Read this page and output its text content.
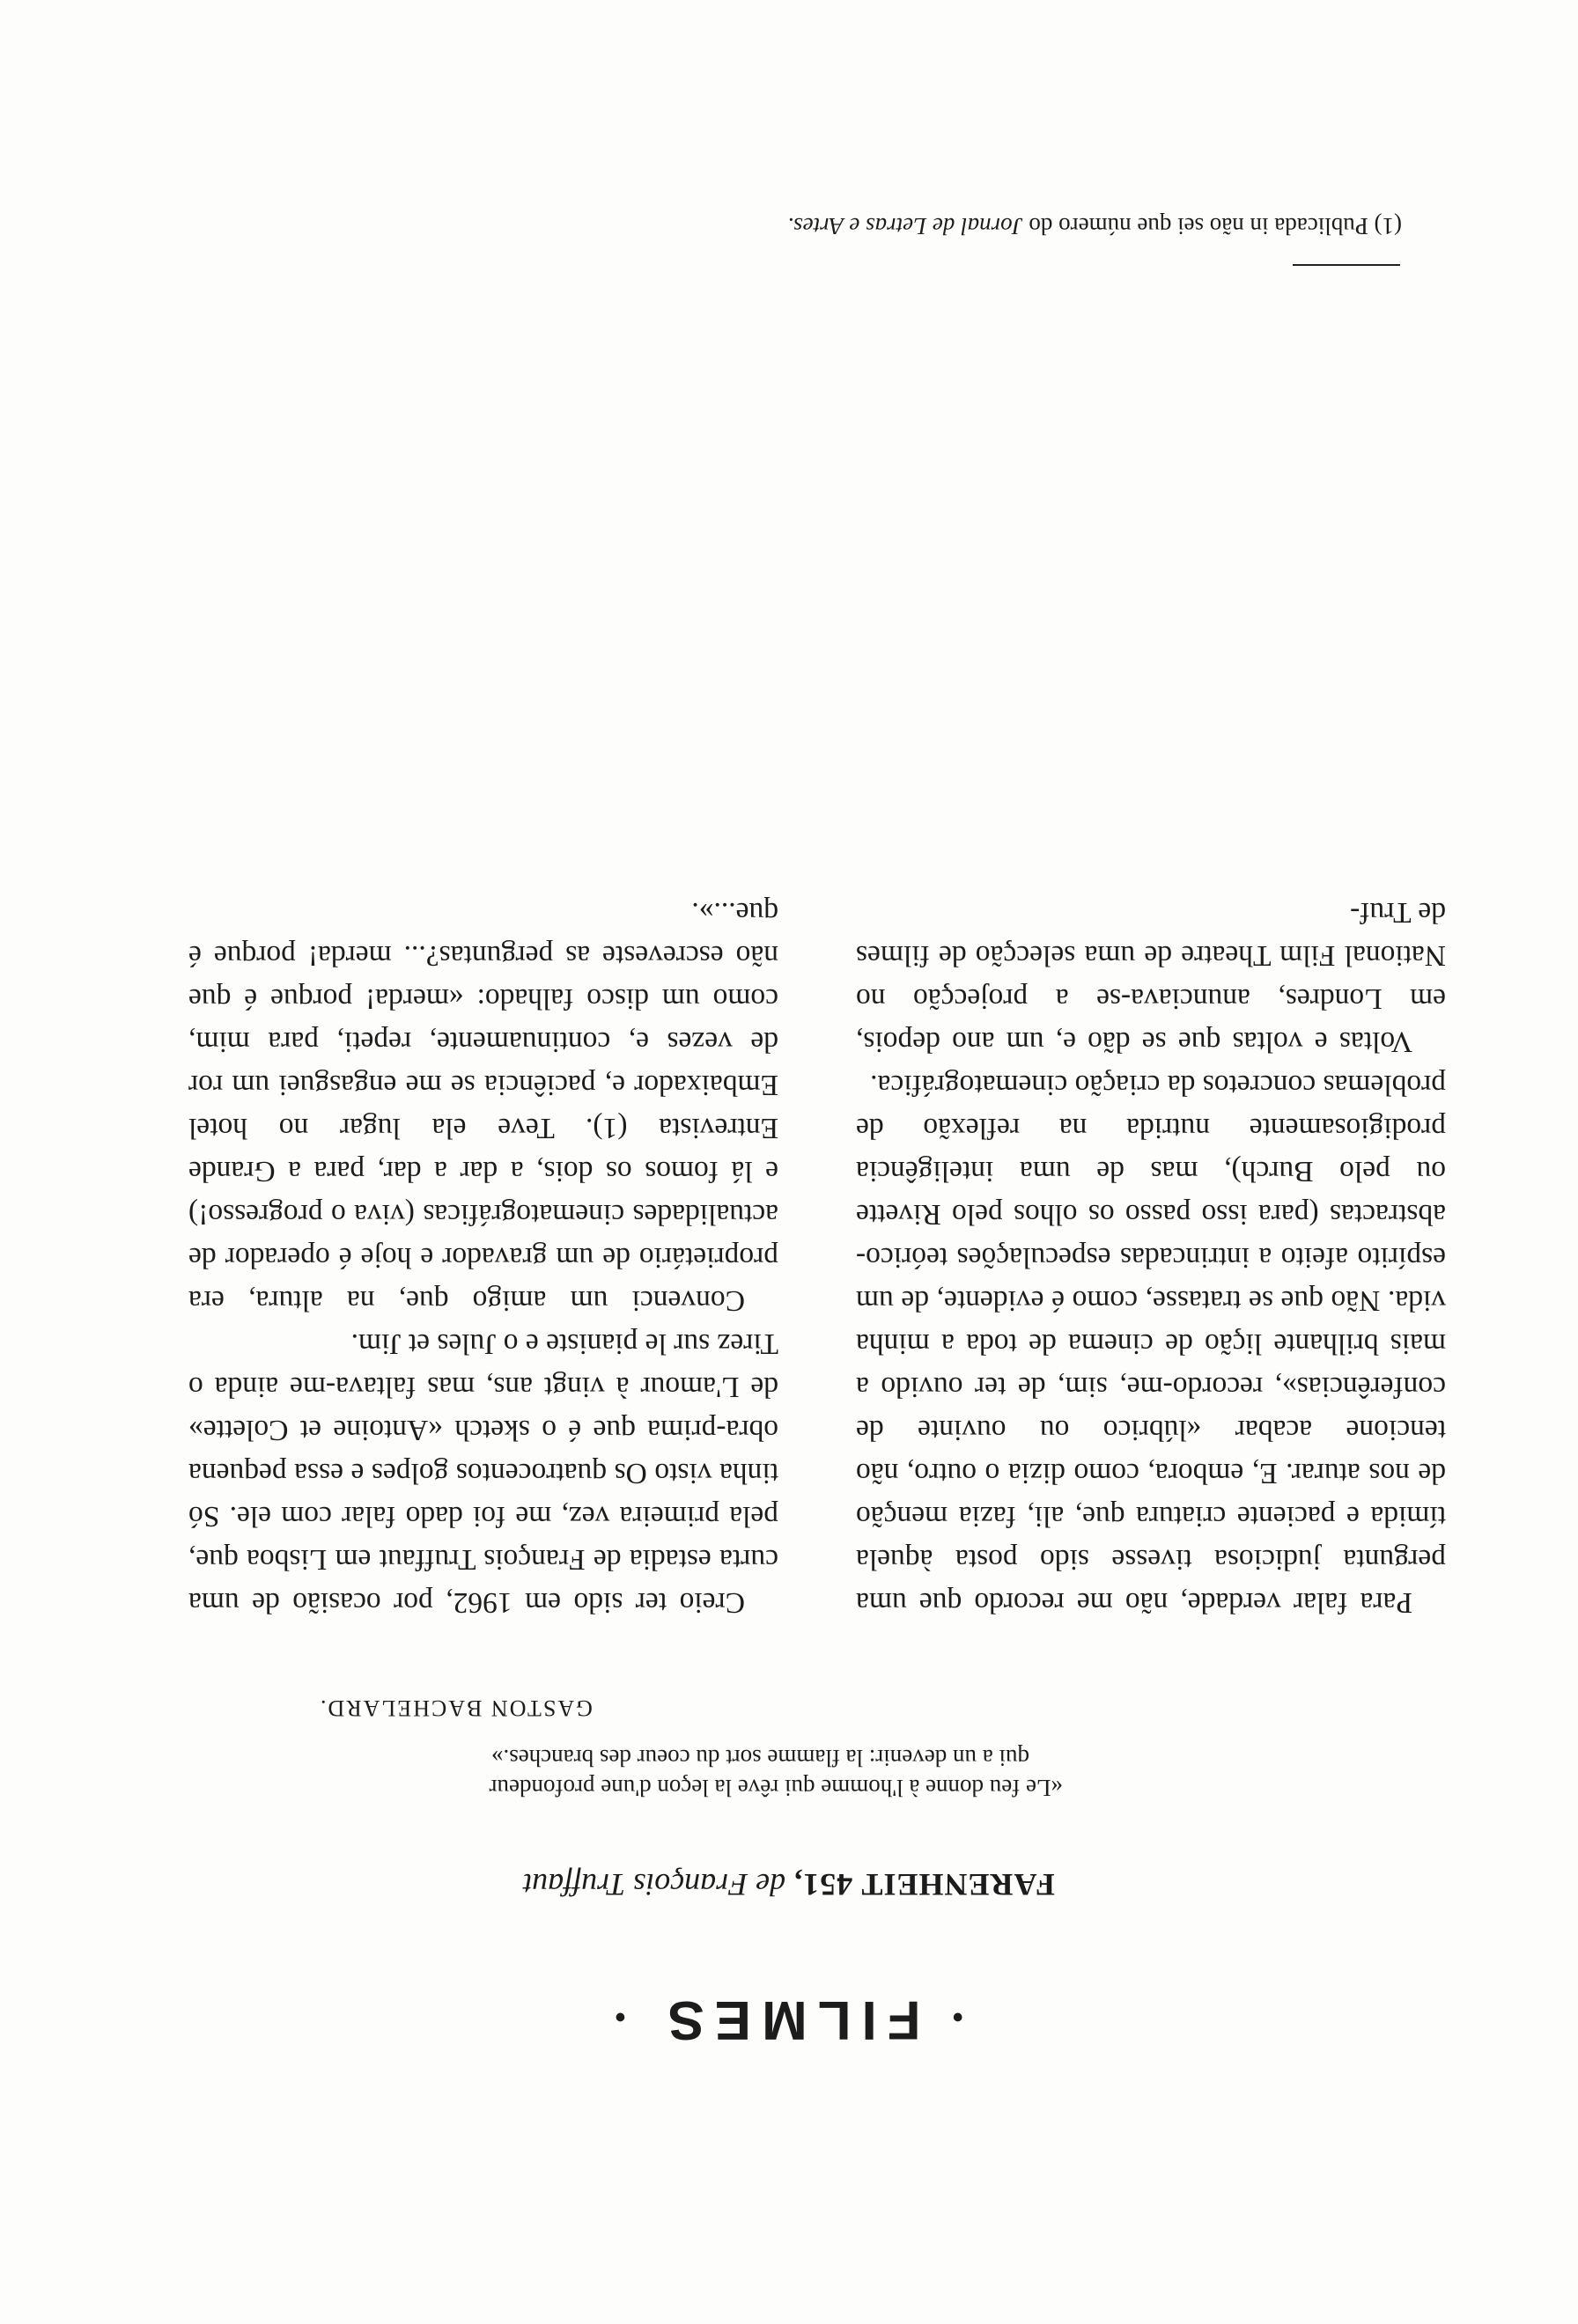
•FILMES•
FARENHEIT 451, de François Truffaut
«Le feu donne à l'homme qui rêve la leçon d'une profondeur
qui a un devenir: la flamme sort du coeur des branches.»
GASTON BACHELARD.

Creio ter sido em 1962, por ocasião de uma curta estadia de François Truffaut em Lisboa que, pela primeira vez, me foi dado falar com ele. Só tinha visto Os quatrocentos golpes e essa pequena obra-prima que é o sketch «Antoine et Colette» de L'amour à vingt ans, mas faltava-me ainda o Tirez sur le pianiste e o Jules et Jim.

Convenci um amigo que, na altura, era proprietário de um gravador e hoje é operador de actualidades cinematográficas (viva o progresso!) e lá fomos os dois, a dar a dar, para a Grande Entrevista (1). Teve ela lugar no hotel Embaixador e, paciência se me engasguei um ror de vezes e, continuamente, repeti, para mim, como um disco falhado: «merda! porque é que não escreveste as perguntas?... merda! porque é que...».

Para falar verdade, não me recordo que uma pergunta judiciosa tivesse sido posta àquela tímida e paciente criatura que, ali, fazia menção de nos aturar. E, embora, como dizia o outro, não tencione acabar «lúbrico ou ouvinte de conferências», recordo-me, sim, de ter ouvido a mais brilhante lição de cinema de toda a minha vida. Não que se tratasse, como é evidente, de um espírito afeito a intrincadas especulações teórico-abstractas (para isso passo os olhos pelo Rivette ou pelo Burch), mas de uma inteligência prodigiosamente nutrida na reflexão de problemas concretos da criação cinematográfica.

Voltas e voltas que se dão e, um ano depois, em Londres, anunciava-se a projecção no National Film Theatre de uma selecção de filmes de Truf-

(1) Publicada in não sei que número do Jornal de Letras e Artes.
